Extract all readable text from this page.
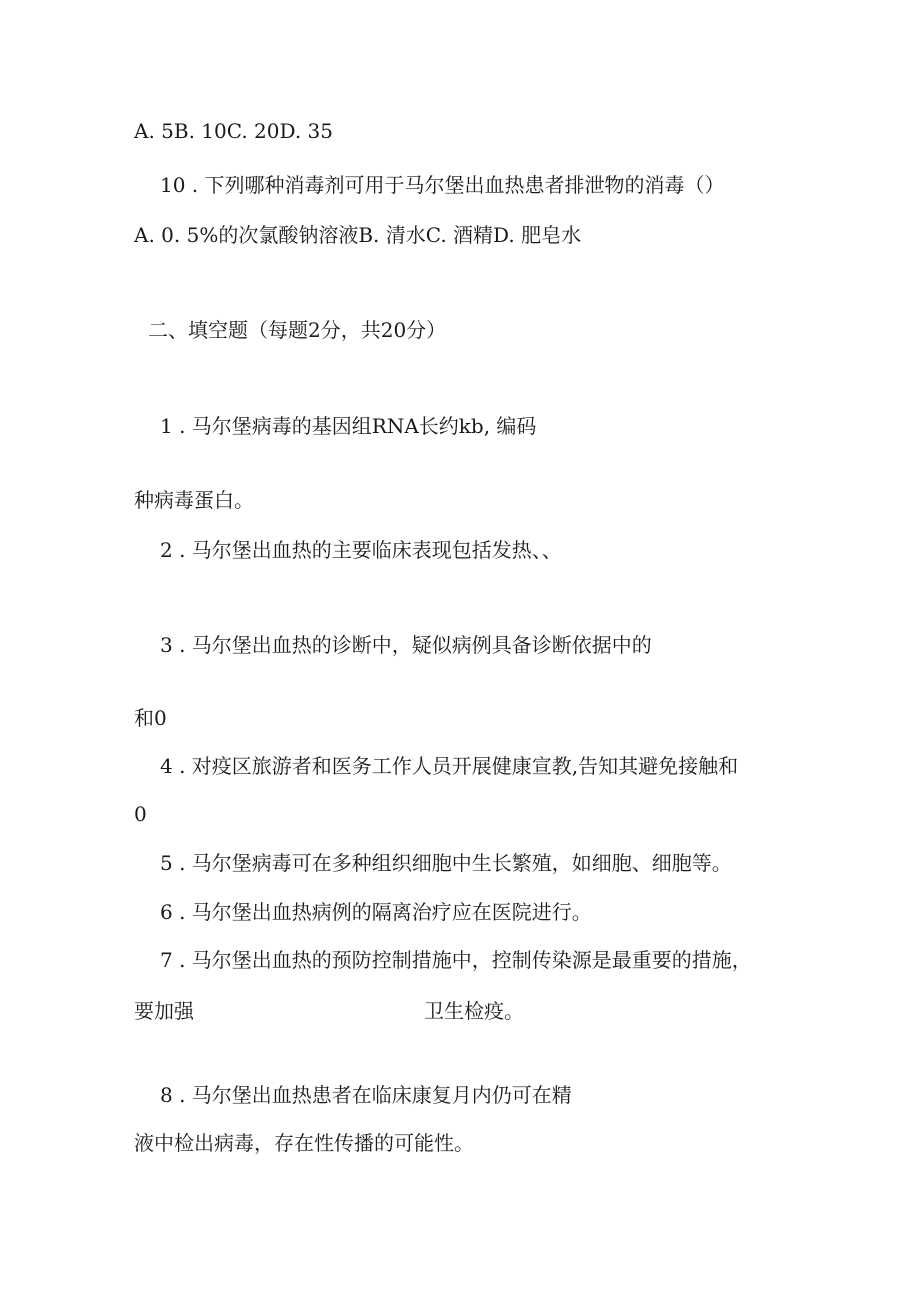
A. 5B. 10C. 20D. 35
10 . 下列哪种消毒剂可用于马尔堡出血热患者排泄物的消毒（）
A. 0. 5%的次氯酸钠溶液B. 清水C. 酒精D. 肥皂水
二、填空题（每题2分，共20分）
1 . 马尔堡病毒的基因组RNA长约kb, 编码
种病毒蛋白。
2 . 马尔堡出血热的主要临床表现包括发热、、
3 . 马尔堡出血热的诊断中，疑似病例具备诊断依据中的
和0
4 . 对疫区旅游者和医务工作人员开展健康宣教,告知其避免接触和
0
5 . 马尔堡病毒可在多种组织细胞中生长繁殖，如细胞、细胞等。
6 . 马尔堡出血热病例的隔离治疗应在医院进行。
7 . 马尔堡出血热的预防控制措施中，控制传染源是最重要的措施，
要加强	卫生检疫。
8 . 马尔堡出血热患者在临床康复月内仍可在精
液中检出病毒，存在性传播的可能性。
